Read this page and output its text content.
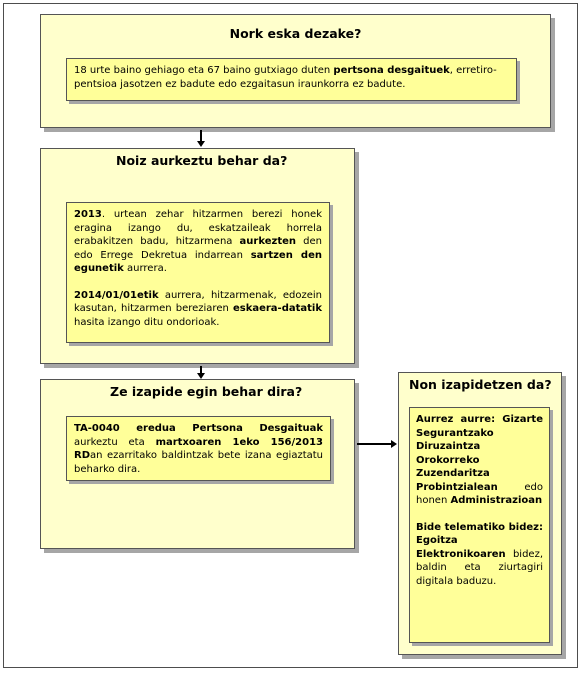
Nork eska dezake?
18 urte baino gehiago eta 67 baino gutxiago duten pertsona desgaituek, erretiro-pentsioa jasotzen ez badute edo ezgaitasun iraunkorra ez badute.
Noiz aurkeztu behar da?

2013. urtean zehar hitzarmen berezi honek eragina izango du, eskatzaileak horrela erabakitzen badu, hitzarmena aurkezten den edo Erregе Dekretua indarrean sartzen den egunetik aurrera.

2014/01/01etik aurrera, hitzarmenak, edozein kasutan, hitzarmen bereziaren eskaera-datatik hasita izango ditu ondorioak.

Ze izapide egin behar dira?
TA-0040 eredua Pertsona Desgaituak aurkeztu eta martxoaren 1eko 156/2013 RDan ezarritako baldintzak bete izana egiaztatu beharko dira.
Non izapidetzen da?

Aurrez aurre: Gizarte Segurantzako Diruzaintza Orokorreko Zuzendaritza Probintzialean edo honen Administrazioan

Bide telematiko bidez: Egoitza Elektronikoaren bidez, baldin eta ziurtagiri digitala baduzu.
